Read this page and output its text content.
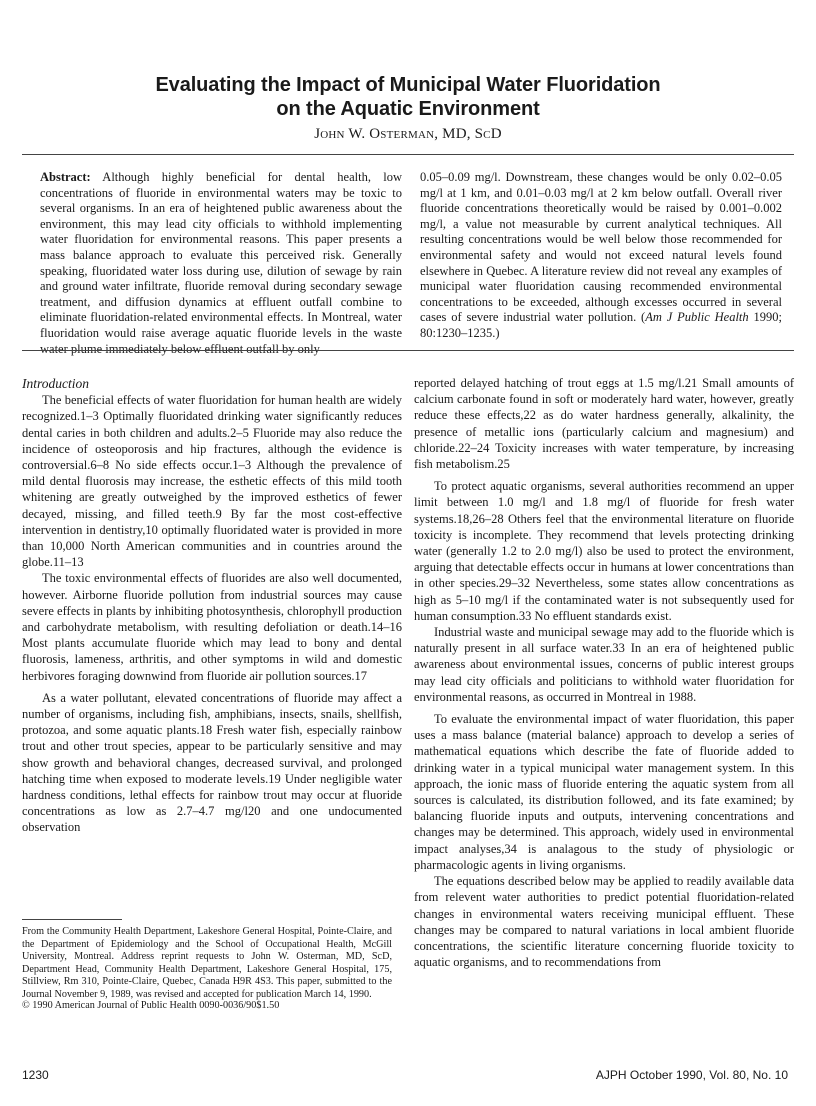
Evaluating the Impact of Municipal Water Fluoridation
on the Aquatic Environment
John W. Osterman, MD, ScD

Abstract: Although highly beneficial for dental health, low concentrations of fluoride in environmental waters may be toxic to several organisms. In an era of heightened public awareness about the environment, this may lead city officials to withhold implementing water fluoridation for environmental reasons. This paper presents a mass balance approach to evaluate this perceived risk. Generally speaking, fluoridated water loss during use, dilution of sewage by rain and ground water infiltrate, fluoride removal during secondary sewage treatment, and diffusion dynamics at effluent outfall combine to eliminate fluoridation-related environmental effects. In Montreal, water fluoridation would raise average aquatic fluoride levels in the waste water plume immediately below effluent outfall by only

0.05–0.09 mg/l. Downstream, these changes would be only 0.02–0.05 mg/l at 1 km, and 0.01–0.03 mg/l at 2 km below outfall. Overall river fluoride concentrations theoretically would be raised by 0.001–0.002 mg/l, a value not measurable by current analytical techniques. All resulting concentrations would be well below those recommended for environmental safety and would not exceed natural levels found elsewhere in Quebec. A literature review did not reveal any examples of municipal water fluoridation causing recommended environmental concentrations to be exceeded, although excesses occurred in several cases of severe industrial water pollution. (Am J Public Health 1990; 80:1230–1235.)

Introduction

The beneficial effects of water fluoridation for human health are widely recognized.1–3 Optimally fluoridated drinking water significantly reduces dental caries in both children and adults.2–5 Fluoride may also reduce the incidence of osteoporosis and hip fractures, although the evidence is controversial.6–8 No side effects occur.1–3 Although the prevalence of mild dental fluorosis may increase, the esthetic effects of this mild tooth whitening are greatly outweighed by the improved esthetics of fewer decayed, missing, and filled teeth.9 By far the most cost-effective intervention in dentistry,10 optimally fluoridated water is provided in more than 10,000 North American communities and in countries around the globe.11–13

The toxic environmental effects of fluorides are also well documented, however. Airborne fluoride pollution from industrial sources may cause severe effects in plants by inhibiting photosynthesis, chlorophyll production and carbohydrate metabolism, with resulting defoliation or death.14–16 Most plants accumulate fluoride which may lead to bony and dental fluorosis, lameness, arthritis, and other symptoms in wild and domestic herbivores foraging downwind from fluoride air pollution sources.17

As a water pollutant, elevated concentrations of fluoride may affect a number of organisms, including fish, amphibians, insects, snails, shellfish, protozoa, and some aquatic plants.18 Fresh water fish, especially rainbow trout and other trout species, appear to be particularly sensitive and may show growth and behavioral changes, decreased survival, and prolonged hatching time when exposed to moderate levels.19 Under negligible water hardness conditions, lethal effects for rainbow trout may occur at fluoride concentrations as low as 2.7–4.7 mg/l20 and one undocumented observation

reported delayed hatching of trout eggs at 1.5 mg/l.21 Small amounts of calcium carbonate found in soft or moderately hard water, however, greatly reduce these effects,22 as do water hardness generally, alkalinity, the presence of metallic ions (particularly calcium and magnesium) and chloride.22–24 Toxicity increases with water temperature, by increasing fish metabolism.25

To protect aquatic organisms, several authorities recommend an upper limit between 1.0 mg/l and 1.8 mg/l of fluoride for fresh water systems.18,26–28 Others feel that the environmental literature on fluoride toxicity is incomplete. They recommend that levels protecting drinking water (generally 1.2 to 2.0 mg/l) also be used to protect the environment, arguing that detectable effects occur in humans at lower concentrations than in other species.29–32 Nevertheless, some states allow concentrations as high as 5–10 mg/l if the contaminated water is not subsequently used for human consumption.33 No effluent standards exist.

Industrial waste and municipal sewage may add to the fluoride which is naturally present in all surface water.33 In an era of heightened public awareness about environmental issues, concerns of public interest groups may lead city officials and politicians to withhold water fluoridation for environmental reasons, as occurred in Montreal in 1988.

To evaluate the environmental impact of water fluoridation, this paper uses a mass balance (material balance) approach to develop a series of mathematical equations which describe the fate of fluoride added to drinking water in a typical municipal water management system. In this approach, the ionic mass of fluoride entering the aquatic system from all sources is calculated, its distribution followed, and its fate examined; by balancing fluoride inputs and outputs, intervening concentrations and changes may be determined. This approach, widely used in environmental impact analyses,34 is analagous to the study of physiologic or pharmacologic agents in living organisms.

The equations described below may be applied to readily available data from relevent water authorities to predict potential fluoridation-related changes in environmental waters receiving municipal effluent. These changes may be compared to natural variations in local ambient fluoride concentrations, the scientific literature concerning fluoride toxicity to aquatic organisms, and to recommendations from

From the Community Health Department, Lakeshore General Hospital, Pointe-Claire, and the Department of Epidemiology and the School of Occupational Health, McGill University, Montreal. Address reprint requests to John W. Osterman, MD, ScD, Department Head, Community Health Department, Lakeshore General Hospital, 175, Stillview, Rm 310, Pointe-Claire, Quebec, Canada H9R 4S3. This paper, submitted to the Journal November 9, 1989, was revised and accepted for publication March 14, 1990.
© 1990 American Journal of Public Health 0090-0036/90$1.50
1230	AJPH October 1990, Vol. 80, No. 10
